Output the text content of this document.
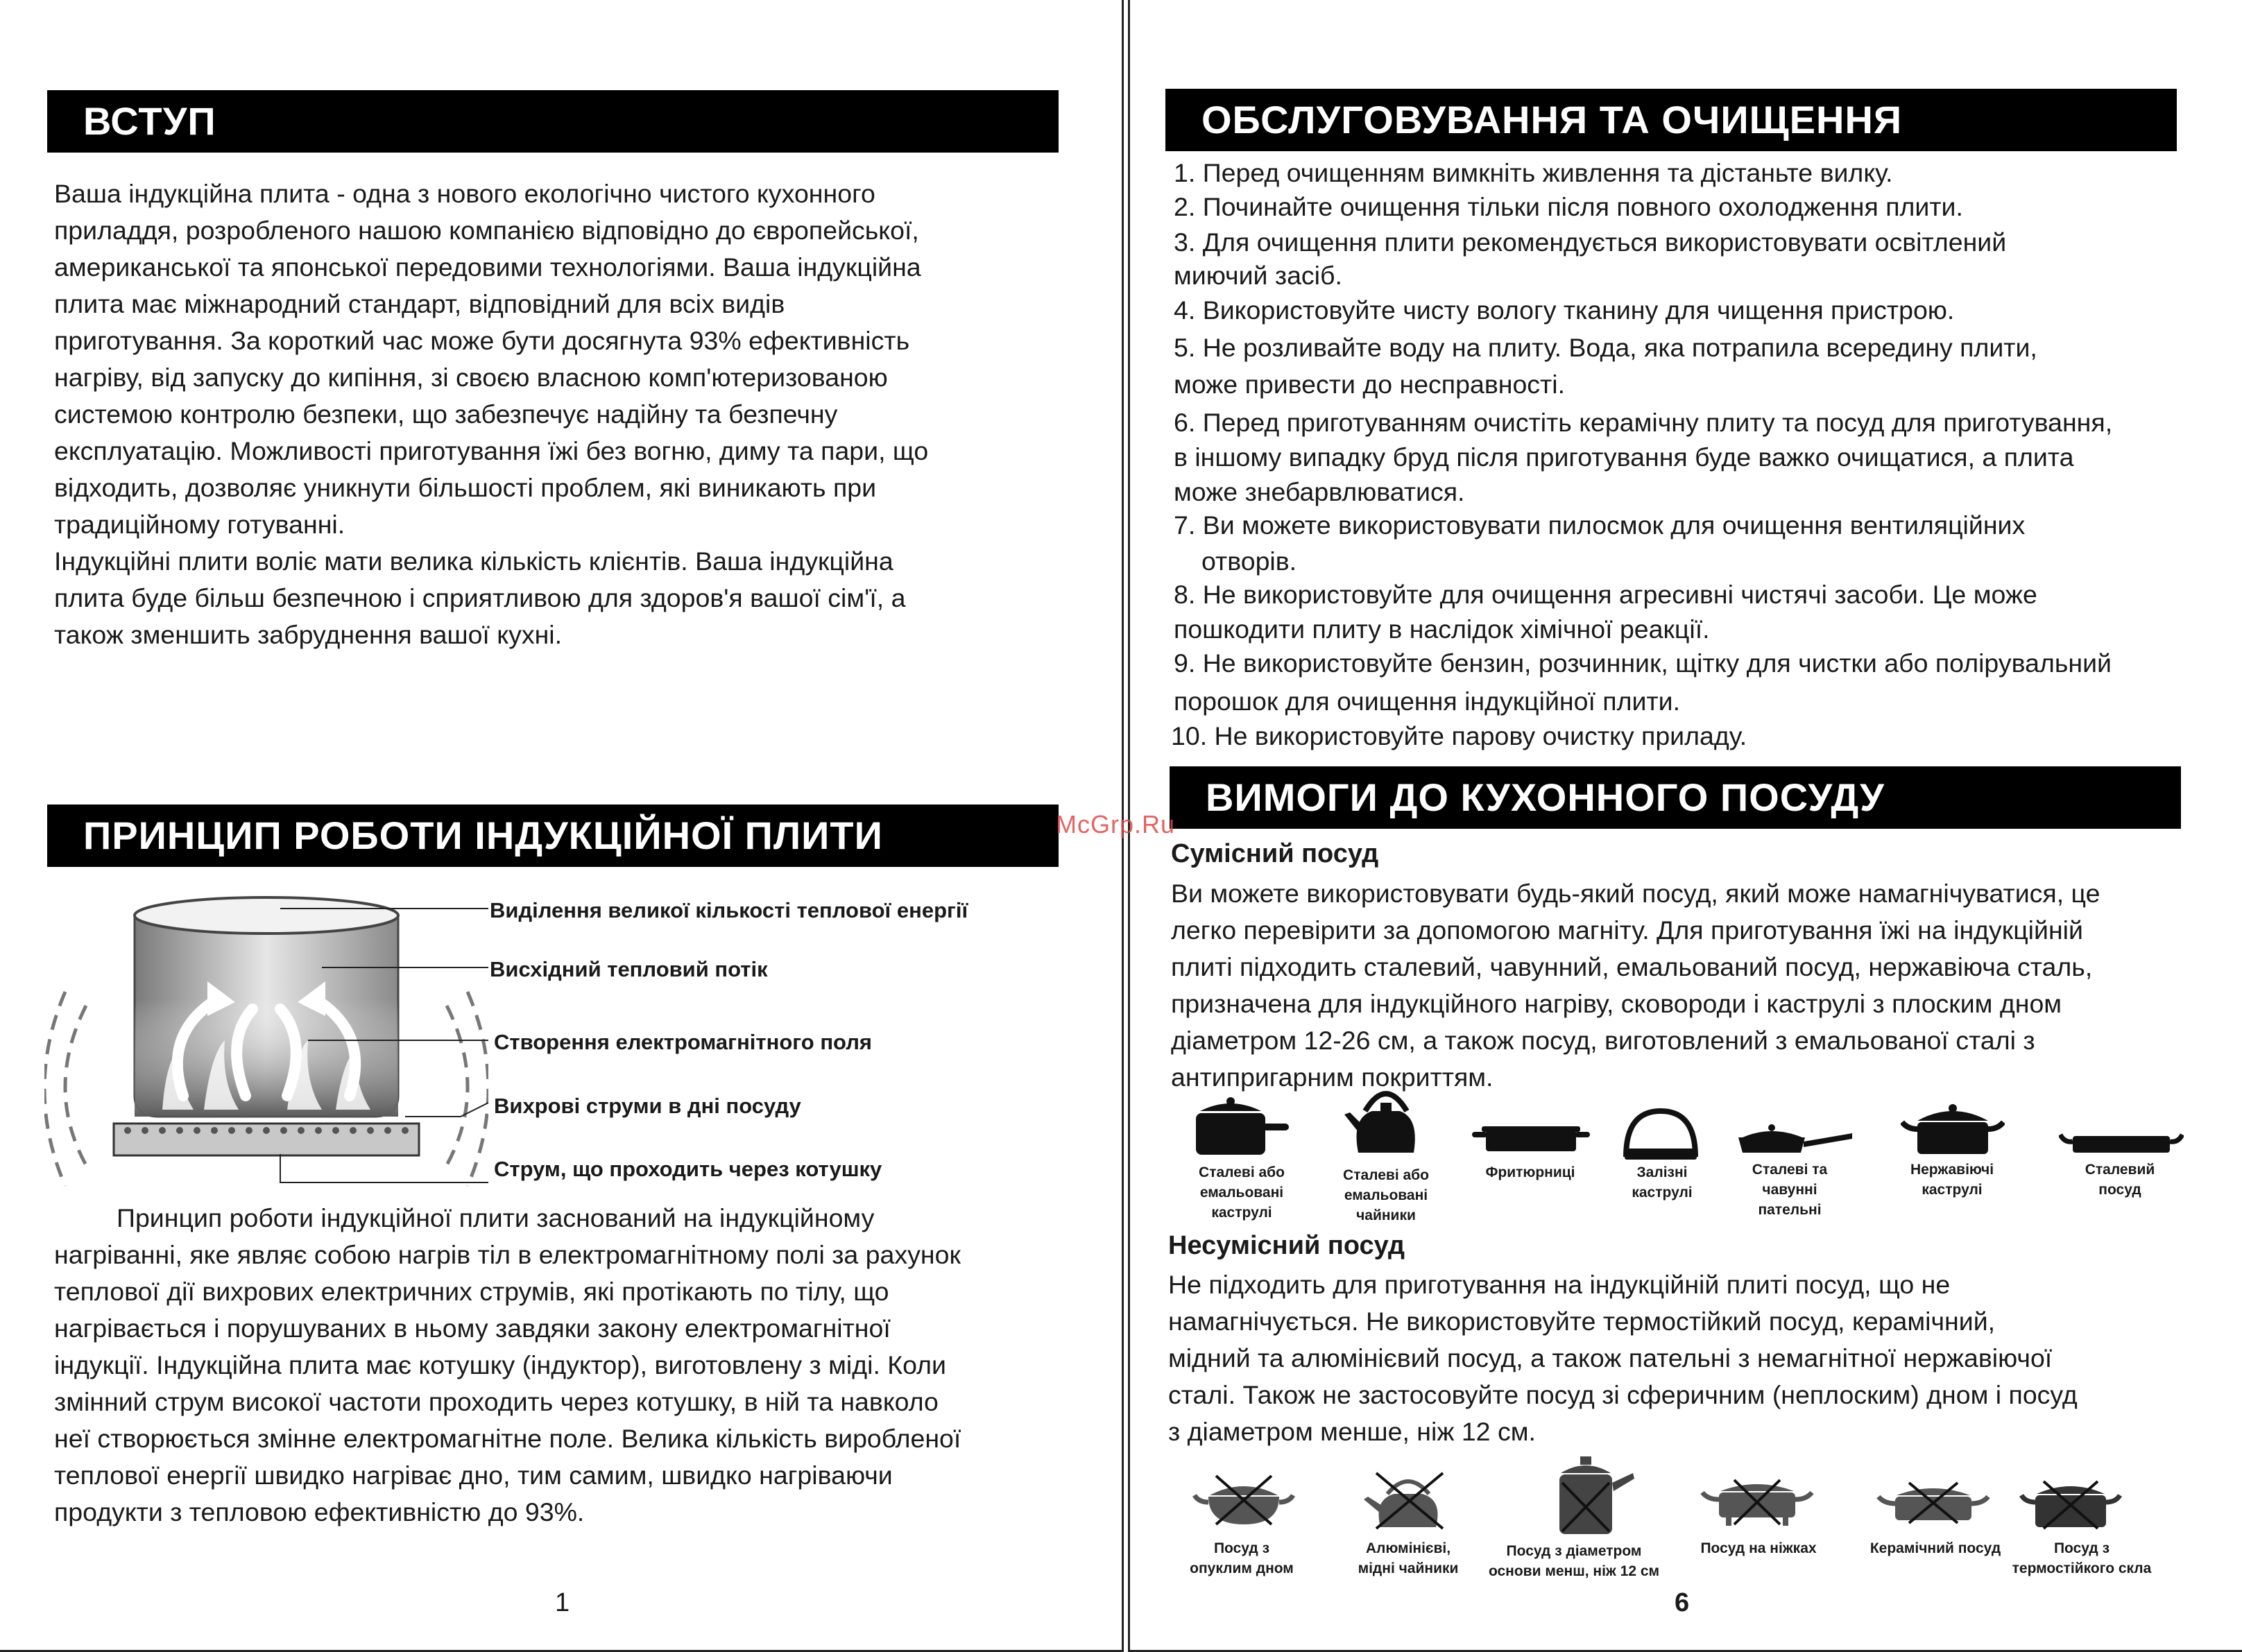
ВСТУП

Ваша індукційна плита - одна з нового екологічно чистого кухонного

приладдя, розробленого нашою компанією відповідно до європейської,

американської та японської передовими технологіями. Ваша індукційна

плита має міжнародний стандарт, відповідний для всіх видів

приготування. За короткий час може бути досягнута 93% ефективність

нагріву, від запуску до кипіння, зі своєю власною комп'ютеризованою

системою контролю безпеки, що забезпечує надійну та безпечну

експлуатацію. Можливості приготування їжі без вогню, диму та пари, що

відходить, дозволяє уникнути більшості проблем, які виникають при

традиційному готуванні.

Індукційні плити воліє мати велика кількість клієнтів. Ваша індукційна

плита буде більш безпечною і сприятливою для здоров'я вашої сім'ї, а

також зменшить забруднення вашої кухні.

ПРИНЦИП РОБОТИ ІНДУКЦІЙНОЇ ПЛИТИ
Виділення великої кількості теплової енергії
Висхідний тепловий потік
Створення електромагнітного поля
Вихрові струми в дні посуду
Струм, що проходить через котушку

Принцип роботи індукційної плити заснований на індукційному

нагріванні, яке являє собою нагрів тіл в електромагнітному полі за рахунок

теплової дії вихрових електричних струмів, які протікають по тілу, що

нагрівається і порушуваних в ньому завдяки закону електромагнітної

індукції. Індукційна плита має котушку (індуктор), виготовлену з міді. Коли

змінний струм високої частоти проходить через котушку, в ній та навколо

неї створюється змінне електромагнітне поле. Велика кількість виробленої

теплової енергії швидко нагріває дно, тим самим, швидко нагріваючи

продукти з тепловою ефективністю до 93%.

1
ОБСЛУГОВУВАННЯ ТА ОЧИЩЕННЯ
1. Перед очищенням вимкніть живлення та дістаньте вилку.
2. Починайте очищення тільки після повного охолодження плити.
3. Для очищення плити рекомендується використовувати освітлений
миючий засіб.
4. Використовуйте чисту вологу тканину для чищення пристрою.
5. Не розливайте воду на плиту. Вода, яка потрапила всередину плити,
може привести до несправності.
6. Перед приготуванням очистіть керамічну плиту та посуд для приготування,
в іншому випадку бруд після приготування буде важко очищатися, а плита
може знебарвлюватися.
7. Ви можете використовувати пилосмок для очищення вентиляційних
отворів.
8. Не використовуйте для очищення агресивні чистячі засоби. Це може
пошкодити плиту в наслідок хімічної реакції.
9. Не використовуйте бензин, розчинник, щітку для чистки або полірувальний
порошок для очищення індукційної плити.
10. Не використовуйте парову очистку приладу.
ВИМОГИ ДО КУХОННОГО ПОСУДУ
Сумісний посуд

Ви можете використовувати будь-який посуд, який може намагнічуватися, це

легко перевірити за допомогою магніту. Для приготування їжі на індукційній

плиті підходить сталевий, чавунний, емальований посуд, нержавіюча сталь,

призначена для індукційного нагріву, сковороди і каструлі з плоским дном

діаметром 12-26 см, а також посуд, виготовлений з емальованої сталі з

антипригарним покриттям.

Сталеві або
емальовані
каструлі
Сталеві або
емальовані
чайники
Фритюрниці	Залізні
каструлі
Сталеві та
чавунні
пательні
Нержавіючі
каструлі
Сталевий
посуд
Несумісний посуд

Не підходить для приготування на індукційній плиті посуд, що не

намагнічується. Не використовуйте термостійкий посуд, керамічний,

мідний та алюмінієвий посуд, а також пательні з немагнітної нержавіючої

сталі. Також не застосовуйте посуд зі сферичним (неплоским) дном і посуд

з діаметром менше, ніж 12 см.

Посуд з
опуклим дном
Алюмінієві,
мідні чайники
Посуд з діаметром
основи менш, ніж 12 см
Посуд на ніжках	Керамічний посуд	Посуд з
термостійкого скла
6
McGrp.Ru
